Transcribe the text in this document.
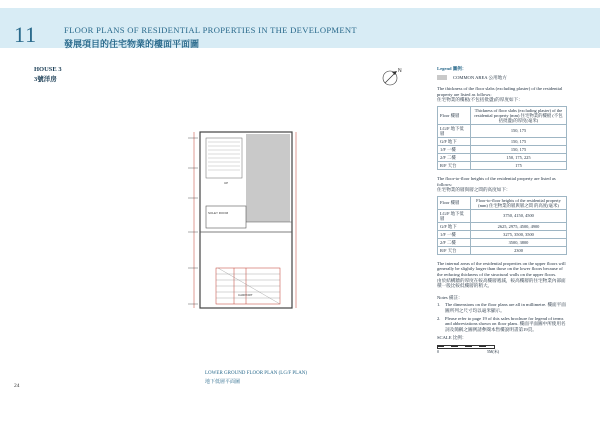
11	FLOOR PLANS OF RESIDENTIAL PROPERTIES IN THE DEVELOPMENT
發展項目的住宅物業的樓面平面圖
HOUSE 3
3號洋房
N
UP
SOLEY ROOM
CARPORT
LOWER GROUND FLOOR PLAN (LG/F PLAN)
地下低層平面圖
Legend 圖例：
COMMON AREA 公用地方
The thickness of the floor slabs (excluding plaster) of the residential property are listed as follows:
住宅物業的樓板(不包括批盪)的厚度如下：
Floor 樓層	Thickness of floor slabs (excluding plaster) of the residential property (mm) 住宅物業的樓板 (不包括批盪)的厚度(毫米)
LG/F 地下低層	150, 175
G/F 地下	150, 175
1/F 一樓	150, 175
2/F 二樓	150, 175, 225
R/F 天台	175
The floor-to-floor heights of the residential property are listed as follows:
住宅物業的層與層之間的高度如下：
Floor 樓層	Floor-to-floor heights of the residential property (mm) 住宅物業的層與層之間 的高度(毫米)
LG/F 地下低層	3750, 4150, 4500
G/F 地下	2625, 2975, 4500, 4900
1/F 一樓	3275, 3500, 3500
2/F 二樓	3500, 3800
R/F 天台	2300
The internal areas of the residential properties on the upper floors will generally be slightly larger than those on the lower floors because of the reducing thickness of the structural walls on the upper floors.
由於結構牆的厚度在較高樓層遞減，較高樓層的住宅物業內部面積一般比較低樓層的稍大。
Notes 備註：
1. The dimensions on the floor plans are all in millimetre. 樓面平面圖所列之尺寸均以毫米顯示。
2. Please refer to page 19 of this sales brochure for legend of terms and abbreviations shown on floor plans. 樓面平面圖中所使用名詞及簡稱之圖例請參閱本售樓說明書第19頁。
SCALE 比例：
0	5M(米)
24
